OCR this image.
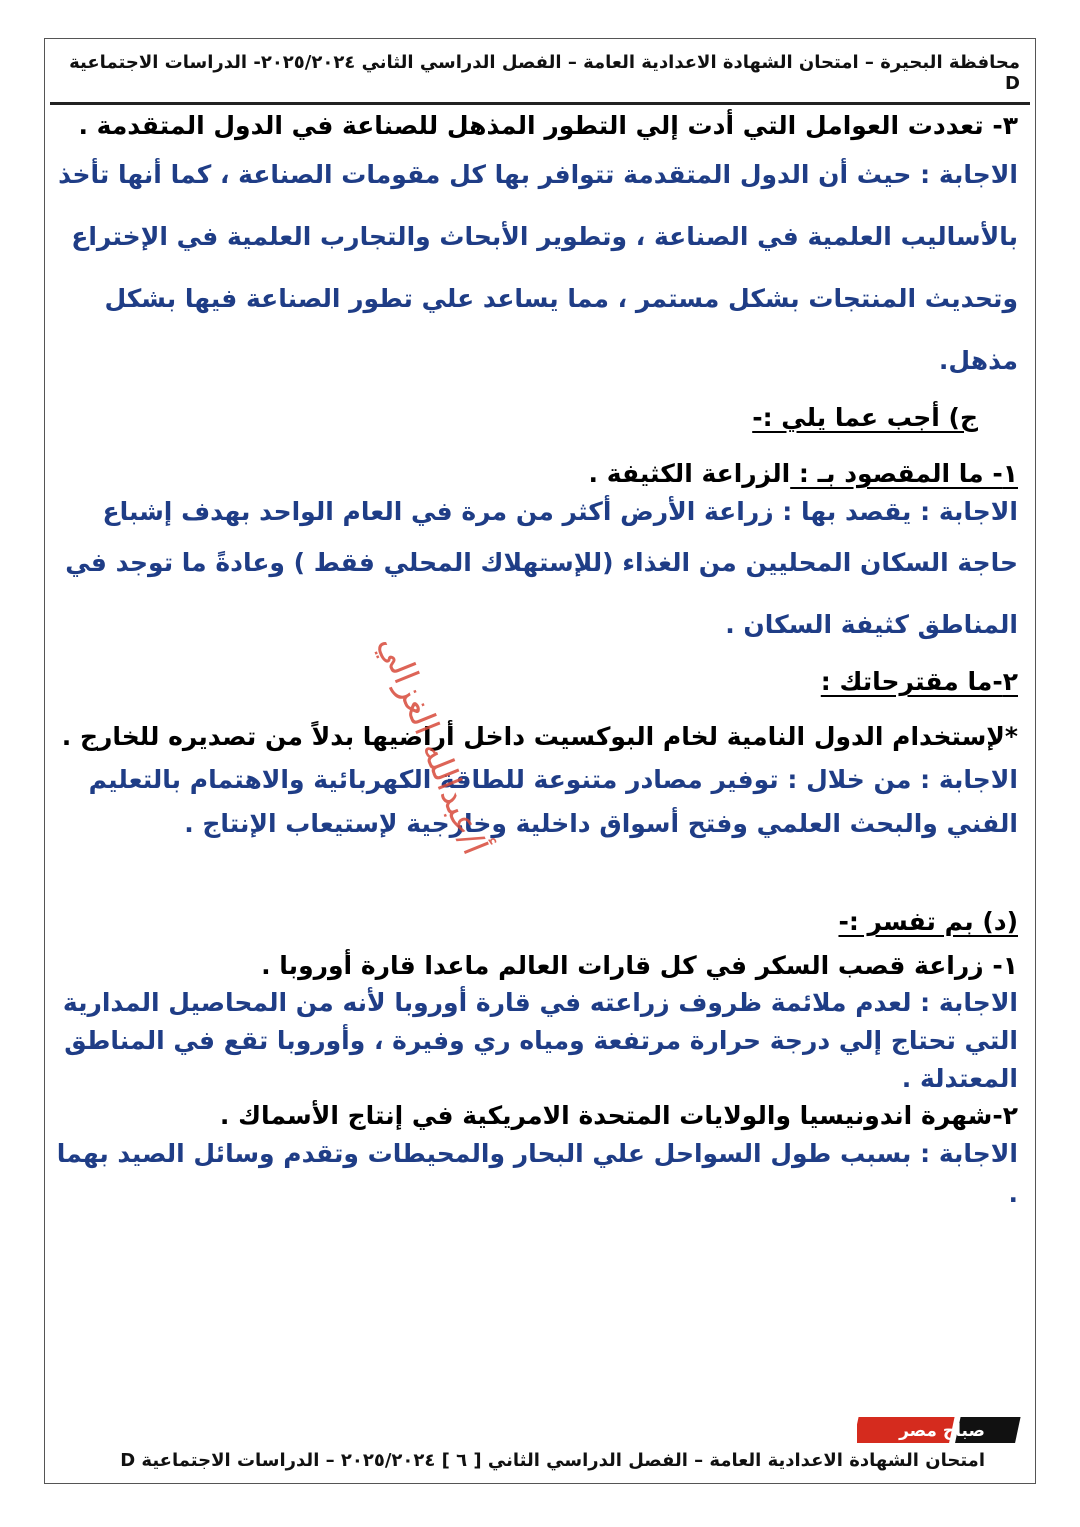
محافظة البحيرة – امتحان الشهادة الاعدادية العامة – الفصل الدراسي الثاني ٢٠٢٥/٢٠٢٤- الدراسات الاجتماعية D

٣- تعددت العوامل التي أدت إلي التطور المذهل للصناعة في الدول المتقدمة .

الاجابة : حيث أن الدول المتقدمة تتوافر بها كل مقومات الصناعة ، كما أنها تأخذ

بالأساليب العلمية في الصناعة ، وتطوير الأبحاث والتجارب العلمية في الإختراع

وتحديث المنتجات بشكل مستمر ، مما يساعد علي تطور الصناعة فيها بشكل مذهل.

ج) أجب عما يلي :-

١- ما المقصود بـ : الزراعة الكثيفة .

الاجابة : يقصد بها : زراعة الأرض أكثر من مرة في العام الواحد بهدف إشباع

حاجة السكان المحليين من الغذاء (للإستهلاك المحلي فقط ) وعادةً ما توجد في

المناطق كثيفة السكان .

٢-ما مقترحاتك :

*لإستخدام الدول النامية لخام البوكسيت داخل أراضيها بدلاً من تصديره للخارج .

الاجابة : من خلال : توفير مصادر متنوعة للطاقة الكهربائية والاهتمام بالتعليم

الفني والبحث العلمي وفتح أسواق داخلية وخارجية لإستيعاب الإنتاج .

(د) بم تفسر :-

١- زراعة قصب السكر في كل قارات العالم ماعدا قارة أوروبا .

الاجابة : لعدم ملائمة ظروف زراعته في قارة أوروبا لأنه من المحاصيل المدارية

التي تحتاج إلي درجة حرارة مرتفعة ومياه ري وفيرة ، وأوروبا تقع في المناطق

المعتدلة .

٢-شهرة اندونيسيا والولايات المتحدة الامريكية في إنتاج الأسماك .

الاجابة : بسبب طول السواحل علي البحار والمحيطات وتقدم وسائل الصيد بهما .

أ/عبدالله الغزالي
صباح مصر
امتحان الشهادة الاعدادية العامة – الفصل الدراسي الثاني [ ٦ ] ٢٠٢٥/٢٠٢٤ – الدراسات الاجتماعية D
